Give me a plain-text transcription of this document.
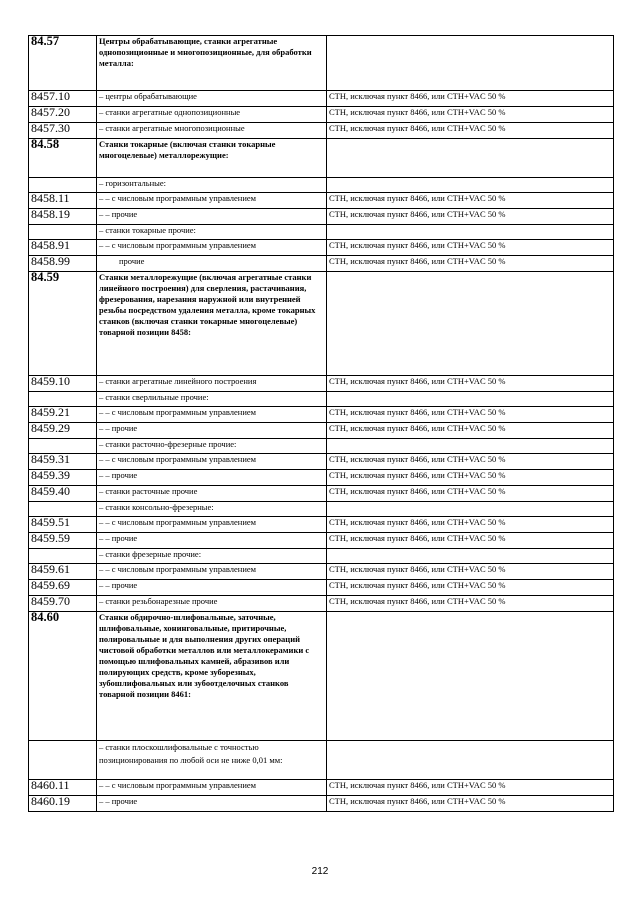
84.57	Центры обрабатывающие, станки агрегатные однопозиционные и многопозиционные, для обработки металла:	
8457.10	– центры обрабатывающие	СТН, исключая пункт 8466, или СТН+VAC 50 %
8457.20	– станки агрегатные однопозиционные	СТН, исключая пункт 8466, или СТН+VAC 50 %
8457.30	– станки агрегатные многопозиционные	СТН, исключая пункт 8466, или СТН+VAC 50 %
84.58	Станки токарные (включая станки токарные многоцелевые) металлорежущие:	
	– горизонтальные:	
8458.11	– – с числовым программным управлением	СТН, исключая пункт 8466, или СТН+VAC 50 %
8458.19	– – прочие	СТН, исключая пункт 8466, или СТН+VAC 50 %
	– станки токарные прочие:	
8458.91	– – с числовым программным управлением	СТН, исключая пункт 8466, или СТН+VAC 50 %
8458.99	прочие	СТН, исключая пункт 8466, или СТН+VAC 50 %
84.59	Станки металлорежущие (включая агрегатные станки линейного построения) для сверления, растачивания, фрезерования, нарезания наружной или внутренней резьбы посредством удаления металла, кроме токарных станков (включая станки токарные многоцелевые) товарной позиции 8458:	
8459.10	– станки агрегатные линейного построения	СТН, исключая пункт 8466, или СТН+VAC 50 %
	– станки сверлильные прочие:	
8459.21	– – с числовым программным управлением	СТН, исключая пункт 8466, или СТН+VAC 50 %
8459.29	– – прочие	СТН, исключая пункт 8466, или СТН+VAC 50 %
	– станки расточно-фрезерные прочие:	
8459.31	– – с числовым программным управлением	СТН, исключая пункт 8466, или СТН+VAC 50 %
8459.39	– – прочие	СТН, исключая пункт 8466, или СТН+VAC 50 %
8459.40	– станки расточные прочие	СТН, исключая пункт 8466, или СТН+VAC 50 %
	– станки консольно-фрезерные:	
8459.51	– – с числовым программным управлением	СТН, исключая пункт 8466, или СТН+VAC 50 %
8459.59	– – прочие	СТН, исключая пункт 8466, или СТН+VAC 50 %
	– станки фрезерные прочие:	
8459.61	– – с числовым программным управлением	СТН, исключая пункт 8466, или СТН+VAC 50 %
8459.69	– – прочие	СТН, исключая пункт 8466, или СТН+VAC 50 %
8459.70	– станки резьбонарезные прочие	СТН, исключая пункт 8466, или СТН+VAC 50 %
84.60	Станки обдирочно-шлифовальные, заточные, шлифовальные, хонинговальные, притирочные, полировальные и для выполнения других операций чистовой обработки металлов или металлокерамики с помощью шлифовальных камней, абразивов или полирующих средств, кроме зуборезных, зубошлифовальных или зубоотделочных станков товарной позиции 8461:	
	– станки плоскошлифовальные с точностью позиционирования по любой оси не ниже 0,01 мм:	
8460.11	– – с числовым программным управлением	СТН, исключая пункт 8466, или СТН+VAC 50 %
8460.19	– – прочие	СТН, исключая пункт 8466, или СТН+VAC 50 %
212
